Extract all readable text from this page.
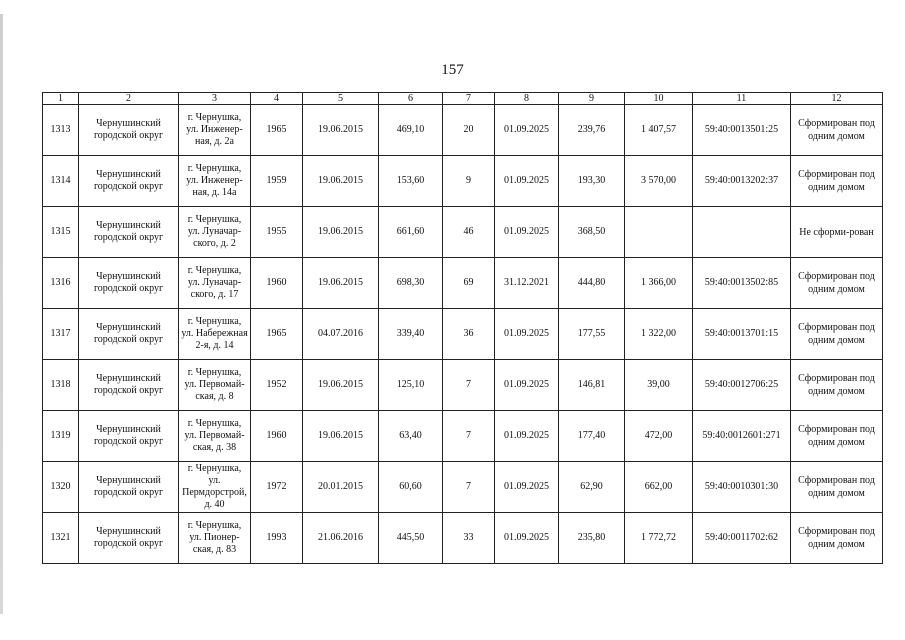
157
1	2	3	4	5	6	7	8	9	10	11	12
1313	Чернушинский городской округ	г. Чернушка, ул. Инженер-ная, д. 2а	1965	19.06.2015	469,10	20	01.09.2025	239,76	1 407,57	59:40:0013501:25	Сформирован под одним домом
1314	Чернушинский городской округ	г. Чернушка, ул. Инженер-ная, д. 14а	1959	19.06.2015	153,60	9	01.09.2025	193,30	3 570,00	59:40:0013202:37	Сформирован под одним домом
1315	Чернушинский городской округ	г. Чернушка, ул. Луначар-ского, д. 2	1955	19.06.2015	661,60	46	01.09.2025	368,50			Не сформи-рован
1316	Чернушинский городской округ	г. Чернушка, ул. Луначар-ского, д. 17	1960	19.06.2015	698,30	69	31.12.2021	444,80	1 366,00	59:40:0013502:85	Сформирован под одним домом
1317	Чернушинский городской округ	г. Чернушка, ул. Набережная 2-я, д. 14	1965	04.07.2016	339,40	36	01.09.2025	177,55	1 322,00	59:40:0013701:15	Сформирован под одним домом
1318	Чернушинский городской округ	г. Чернушка, ул. Первомай-ская, д. 8	1952	19.06.2015	125,10	7	01.09.2025	146,81	39,00	59:40:0012706:25	Сформирован под одним домом
1319	Чернушинский городской округ	г. Чернушка, ул. Первомай-ская, д. 38	1960	19.06.2015	63,40	7	01.09.2025	177,40	472,00	59:40:0012601:271	Сформирован под одним домом
1320	Чернушинский городской округ	г. Чернушка, ул. Пермдорстрой, д. 40	1972	20.01.2015	60,60	7	01.09.2025	62,90	662,00	59:40:0010301:30	Сформирован под одним домом
1321	Чернушинский городской округ	г. Чернушка, ул. Пионер-ская, д. 83	1993	21.06.2016	445,50	33	01.09.2025	235,80	1 772,72	59:40:0011702:62	Сформирован под одним домом
